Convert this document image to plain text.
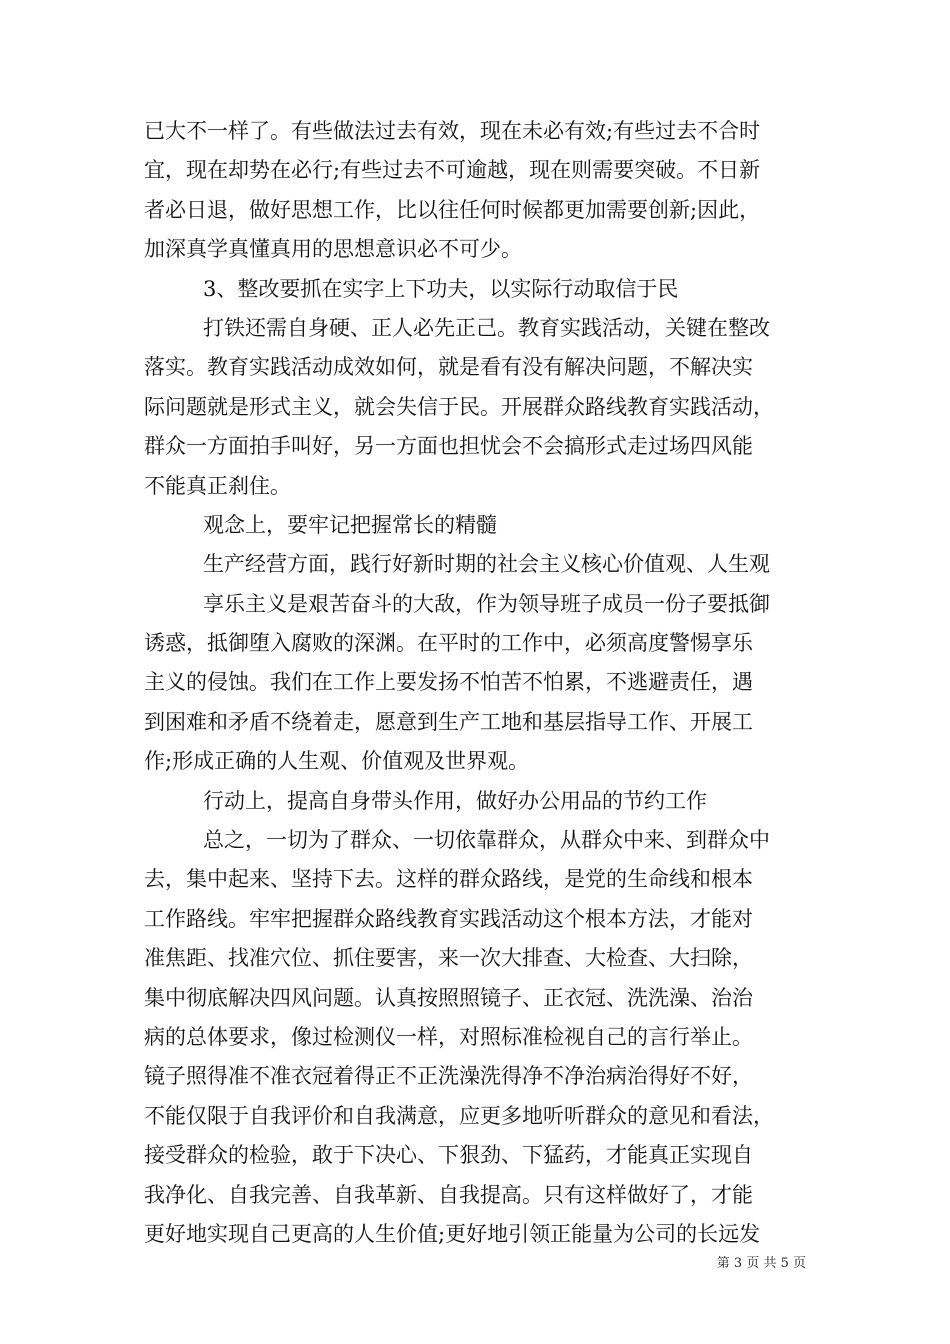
已大不一样了。有些做法过去有效，现在未必有效;有些过去不合时
宜，现在却势在必行;有些过去不可逾越，现在则需要突破。不日新
者必日退，做好思想工作，比以往任何时候都更加需要创新;因此，
加深真学真懂真用的思想意识必不可少。
3、整改要抓在实字上下功夫，以实际行动取信于民
打铁还需自身硬、正人必先正己。教育实践活动，关键在整改
落实。教育实践活动成效如何，就是看有没有解决问题，不解决实
际问题就是形式主义，就会失信于民。开展群众路线教育实践活动，
群众一方面拍手叫好，另一方面也担忧会不会搞形式走过场四风能
不能真正刹住。
观念上，要牢记把握常长的精髓
生产经营方面，践行好新时期的社会主义核心价值观、人生观
享乐主义是艰苦奋斗的大敌，作为领导班子成员一份子要抵御
诱惑，抵御堕入腐败的深渊。在平时的工作中，必须高度警惕享乐
主义的侵蚀。我们在工作上要发扬不怕苦不怕累，不逃避责任，遇
到困难和矛盾不绕着走，愿意到生产工地和基层指导工作、开展工
作;形成正确的人生观、价值观及世界观。
行动上，提高自身带头作用，做好办公用品的节约工作
总之，一切为了群众、一切依靠群众，从群众中来、到群众中
去，集中起来、坚持下去。这样的群众路线，是党的生命线和根本
工作路线。牢牢把握群众路线教育实践活动这个根本方法，才能对
准焦距、找准穴位、抓住要害，来一次大排查、大检查、大扫除，
集中彻底解决四风问题。认真按照照镜子、正衣冠、洗洗澡、治治
病的总体要求，像过检测仪一样，对照标准检视自己的言行举止。
镜子照得准不准衣冠着得正不正洗澡洗得净不净治病治得好不好，
不能仅限于自我评价和自我满意，应更多地听听群众的意见和看法，
接受群众的检验，敢于下决心、下狠劲、下猛药，才能真正实现自
我净化、自我完善、自我革新、自我提高。只有这样做好了，才能
更好地实现自己更高的人生价值;更好地引领正能量为公司的长远发
第 3 页 共 5 页
